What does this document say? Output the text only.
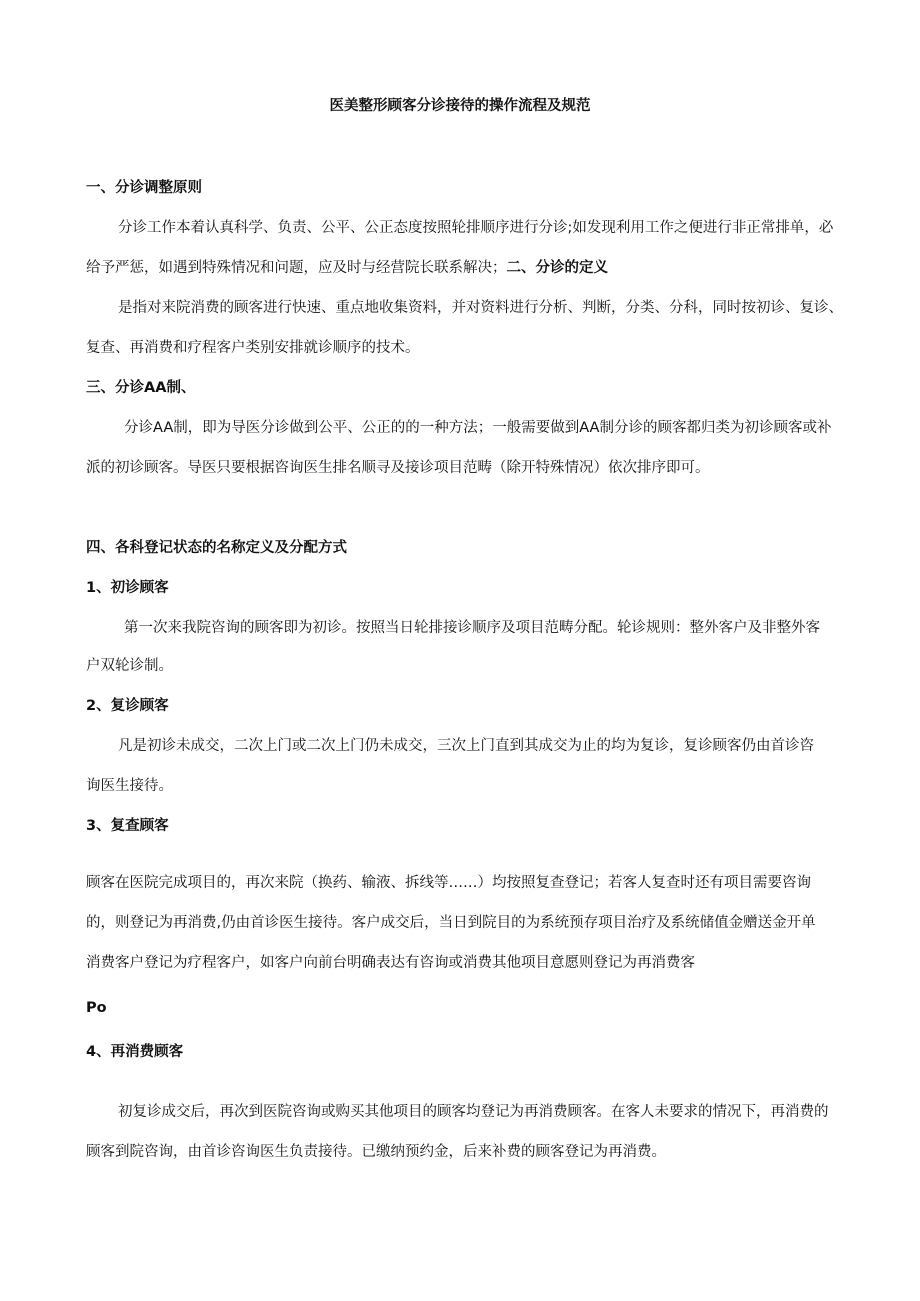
医美整形顾客分诊接待的操作流程及规范
一、分诊调整原则
分诊工作本着认真科学、负责、公平、公正态度按照轮排顺序进行分诊;如发现利用工作之便进行非正常排单，必
给予严惩，如遇到特殊情况和问题，应及时与经营院长联系解决；二、分诊的定义
是指对来院消费的顾客进行快速、重点地收集资料，并对资料进行分析、判断，分类、分科，同时按初诊、复诊、
复查、再消费和疗程客户类别安排就诊顺序的技术。
三、分诊AA制、
分诊AA制，即为导医分诊做到公平、公正的的一种方法；一般需要做到AA制分诊的顾客都归类为初诊顾客或补
派的初诊顾客。导医只要根据咨询医生排名顺寻及接诊项目范畴（除开特殊情况）依次排序即可。
四、各科登记状态的名称定义及分配方式
1、初诊顾客
第一次来我院咨询的顾客即为初诊。按照当日轮排接诊顺序及项目范畴分配。轮诊规则：整外客户及非整外客
户双轮诊制。
2、复诊顾客
凡是初诊未成交，二次上门或二次上门仍未成交，三次上门直到其成交为止的均为复诊，复诊顾客仍由首诊咨
询医生接待。
3、复查顾客
顾客在医院完成项目的，再次来院（换药、输液、拆线等……）均按照复查登记；若客人复查时还有项目需要咨询
的，则登记为再消费,仍由首诊医生接待。客户成交后，当日到院目的为系统预存项目治疗及系统储值金赠送金开单
消费客户登记为疗程客户，如客户向前台明确表达有咨询或消费其他项目意愿则登记为再消费客
Po
4、再消费顾客
初复诊成交后，再次到医院咨询或购买其他项目的顾客均登记为再消费顾客。在客人未要求的情况下，再消费的
顾客到院咨询，由首诊咨询医生负责接待。已缴纳预约金，后来补费的顾客登记为再消费。
